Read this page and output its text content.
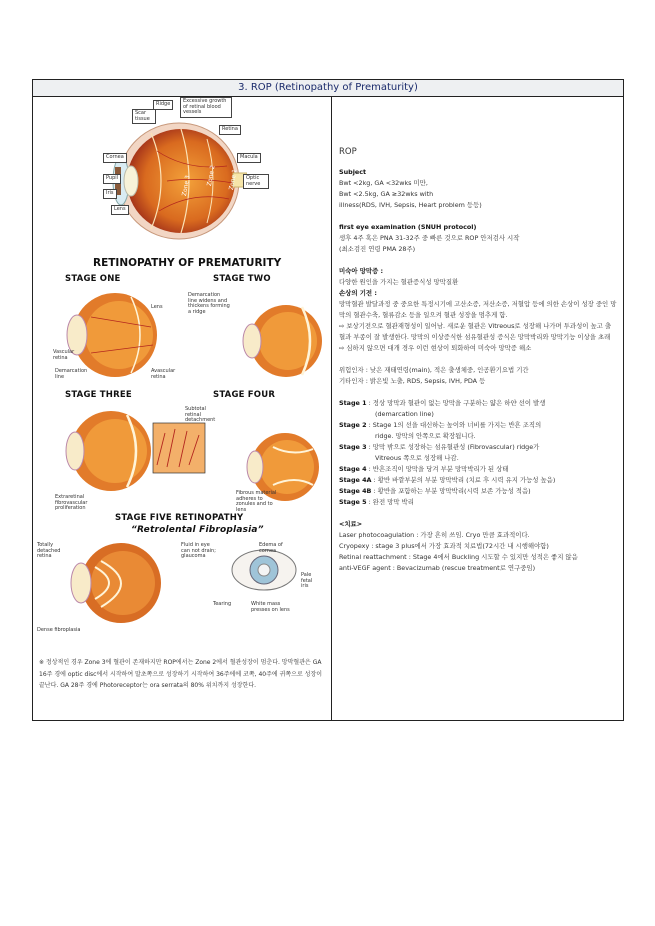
3. ROP (Retinopathy of Prematurity)
Zone 3 Zone 2 Zone 1
Ridge	Excessive growth of retinal blood vessels
Scar tissue
Retina
Cornea	Macula
Pupil	Optic nerve
Iris
Lens
RETINOPATHY OF PREMATURITY
STAGE ONE	STAGE TWO
Lens
Vascular retina
Demarcation line
Avascular retina
Demarcation line widens and thickens forming a ridge
STAGE THREE	STAGE FOUR
Extraretinal fibrovascular proliferation
Subtotal retinal detachment
Fibrous material adheres to zonules and to lens
STAGE FIVE RETINOPATHY
“Retrolental Fibroplasia”
Totally detached retina
Fluid in eye can not drain; glaucoma
Edema of cornea
Pale fetal iris
Tearing	White mass presses on lens
Dense fibroplasia
※ 정상적인 경우 Zone 3에 혈관이 존재하지만 ROP에서는 Zone 2에서 혈관성장이 멈춘다. 망막혈관은 GA 16주 경에 optic disc에서 시작하여 말초쪽으로 성장하기 시작하여 36주에에 코쪽, 40주에 귀쪽으로 성장이 끝난다. GA 28주 경에 Photoreceptor는 ora serrata의 80% 위치까지 성장한다.

ROP

Subject

Bwt <2kg, GA <32wks 미만,

Bwt <2.5kg, GA ≥32wks with

illness(RDS, IVH, Sepsis, Heart problem 등등)

first eye examination (SNUH protocol)

생후 4주 혹은 PNA 31-32주 중 빠른 것으로 ROP 안저검사 시작

(최소검진 연령 PMA 28주)

미숙아 망막증 :

다양한 원인을 가지는 혈관증식성 망막질환

손상의 기전 :

망막혈관 발달과정 중 중요한 특정시기에 고산소증, 저산소증, 저혈압 등에 의한 손상이 성장 중인 망막의 혈관수축, 혈류감소 등을 일으켜 혈관 성장을 멈추게 함.

⇨ 보상기전으로 혈관재형성이 일어남. 새로운 혈관은 Vitreous로 성장해 나가며 투과성이 높고 출혈과 부종이 잘 발생한다. 망막의 이상증식한 섬유혈관성 증식은 망막박리와 망막기능 이상을 초래 ⇨ 심하지 않으면 대개 경우 이런 현상이 퇴화하여 미숙아 망막증 해소

위험인자 : 낮은 재태연령(main), 적은 출생체중, 인공환기요법 기간

기타인자 : 밝은빛 노출, RDS, Sepsis, IVH, PDA 등

Stage 1 : 정상 망막과 혈관이 없는 망막을 구분하는 얇은 하얀 선이 발생

(demarcation line)

Stage 2 : Stage 1의 선을 대신하는 높이와 너비를 가지는 반흔 조직의

ridge. 망막의 안쪽으로 확장됩니다.

Stage 3 : 망막 밖으로 성장하는 섬유혈관성 (Fibrovascular) ridge가

Vitreous 쪽으로 성장해 나감.

Stage 4 : 반흔조직이 망막을 당겨 부분 망막박리가 된 상태

Stage 4A : 황반 바깥부분의 부분 망막박리 (치료 후 시력 유지 가능성 높음)

Stage 4B : 황반을 포함하는 부분 망막박리(시력 보존 가능성 적음)

Stage 5 : 완전 망막 박리

<치료>

Laser photocoagulation : 가장 흔히 쓰임. Cryo 만큼 효과적이다.

Cryopexy : stage 3 plus에서 가장 효과적 치료법(72시간 내 시행해야함)

Retinal reattachment : Stage 4에서 Buckling 시도할 수 있지만 성적은 좋지 않음

anti-VEGF agent : Bevacizumab (rescue treatment로 연구중임)
